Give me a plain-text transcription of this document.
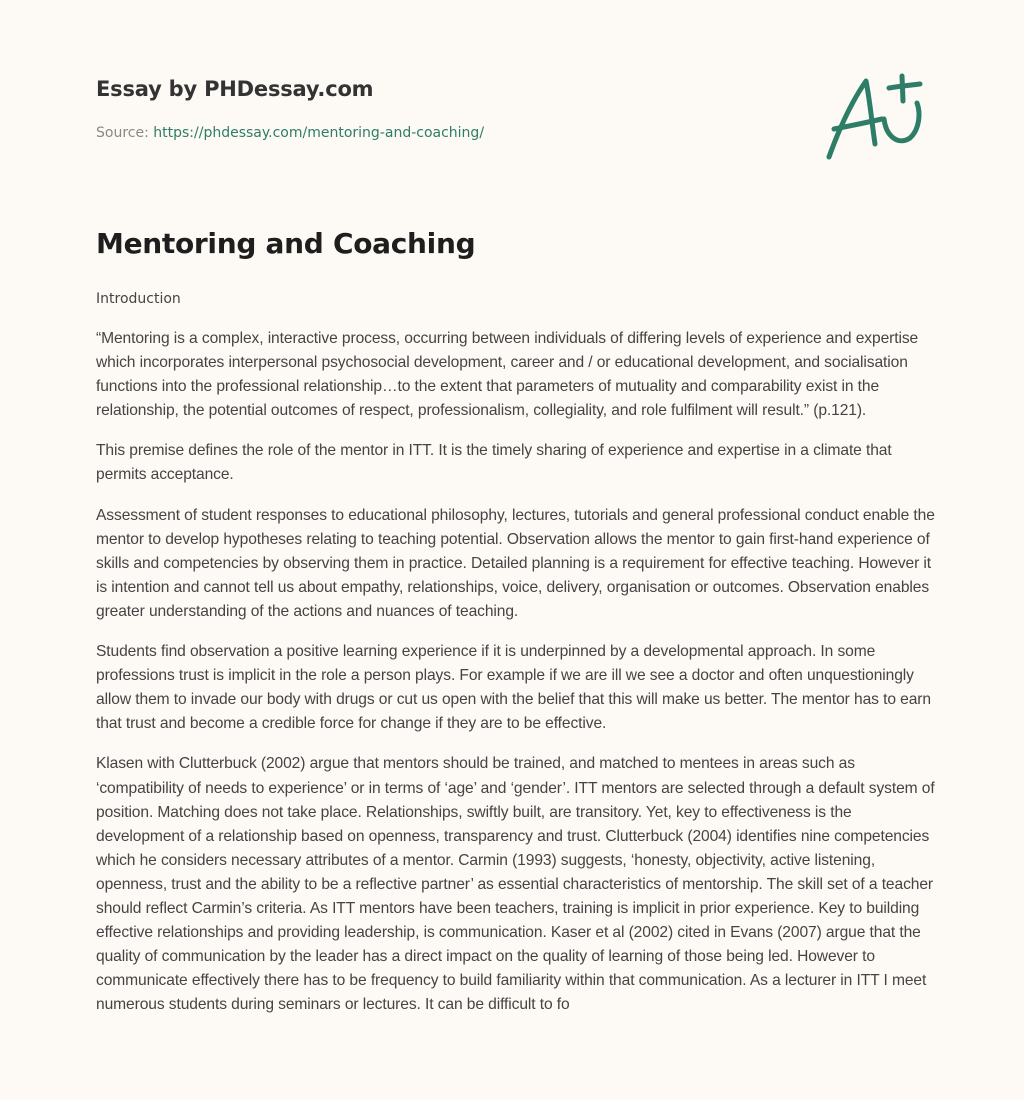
Essay by PHDessay.com
Source: https://phdessay.com/mentoring-and-coaching/
Mentoring and Coaching
Introduction

“Mentoring is a complex, interactive process, occurring between individuals of differing levels of experience and expertise which incorporates interpersonal psychosocial development, career and / or educational development, and socialisation functions into the professional relationship…to the extent that parameters of mutuality and comparability exist in the relationship, the potential outcomes of respect, professionalism, collegiality, and role fulfilment will result.” (p.121).

This premise defines the role of the mentor in ITT. It is the timely sharing of experience and expertise in a climate that permits acceptance.

Assessment of student responses to educational philosophy, lectures, tutorials and general professional conduct enable the mentor to develop hypotheses relating to teaching potential. Observation allows the mentor to gain first-hand experience of skills and competencies by observing them in practice. Detailed planning is a requirement for effective teaching. However it is intention and cannot tell us about empathy, relationships, voice, delivery, organisation or outcomes. Observation enables greater understanding of the actions and nuances of teaching.

Students find observation a positive learning experience if it is underpinned by a developmental approach. In some professions trust is implicit in the role a person plays. For example if we are ill we see a doctor and often unquestioningly allow them to invade our body with drugs or cut us open with the belief that this will make us better. The mentor has to earn that trust and become a credible force for change if they are to be effective.

Klasen with Clutterbuck (2002) argue that mentors should be trained, and matched to mentees in areas such as ‘compatibility of needs to experience’ or in terms of ‘age’ and ‘gender’. ITT mentors are selected through a default system of position. Matching does not take place. Relationships, swiftly built, are transitory. Yet, key to effectiveness is the development of a relationship based on openness, transparency and trust. Clutterbuck (2004) identifies nine competencies which he considers necessary attributes of a mentor. Carmin (1993) suggests, ‘honesty, objectivity, active listening, openness, trust and the ability to be a reflective partner’ as essential characteristics of mentorship. The skill set of a teacher should reflect Carmin’s criteria. As ITT mentors have been teachers, training is implicit in prior experience. Key to building effective relationships and providing leadership, is communication. Kaser et al (2002) cited in Evans (2007) argue that the quality of communication by the leader has a direct impact on the quality of learning of those being led. However to communicate effectively there has to be frequency to build familiarity within that communication. As a lecturer in ITT I meet numerous students during seminars or lectures. It can be difficult to fo
